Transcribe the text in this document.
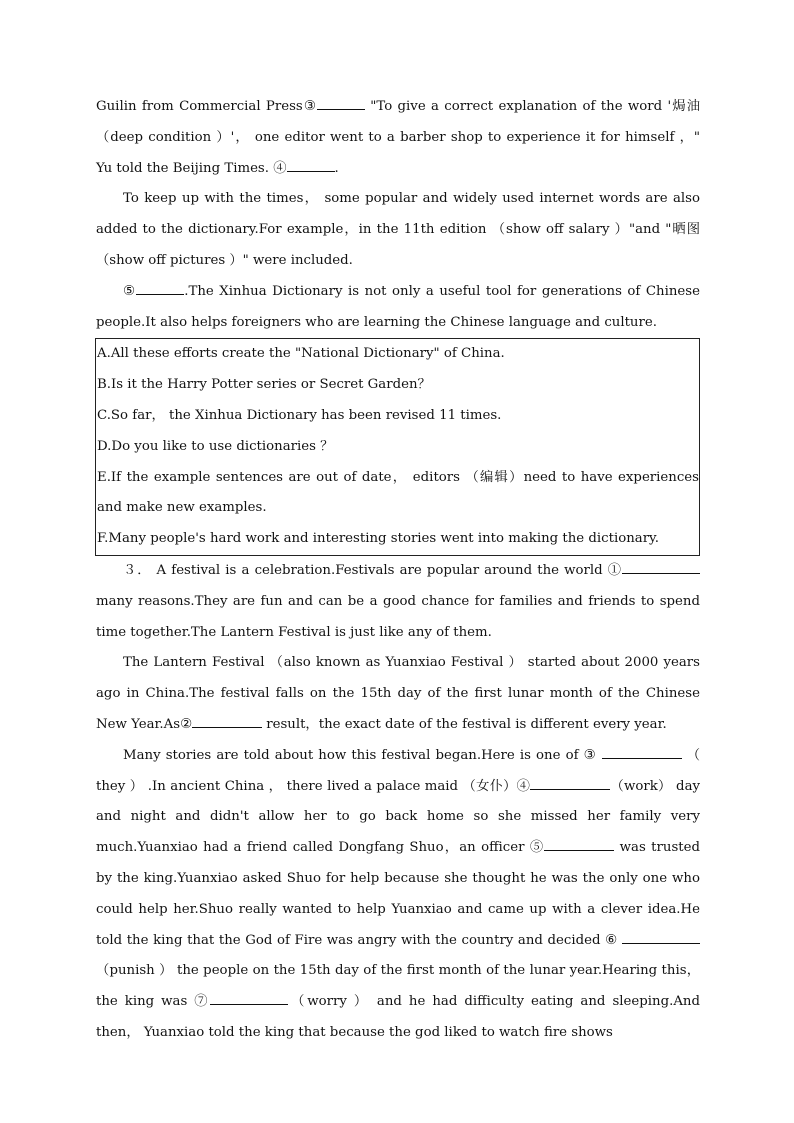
Guilin from Commercial Press③	"To give a correct explanation of the word '焗油（deep condition ）'， one editor went to a barber shop to experience it for himself ，" Yu told the Beijing Times. ④	.

To keep up with the times， some popular and widely used internet words are also added to the dictionary.For example，in the 11th edition （show off salary ）"and "晒图（show off pictures ）" were included.

⑤	.The Xinhua Dictionary is not only a useful tool for generations of Chinese people.It also helps foreigners who are learning the Chinese language and culture.

A.All these efforts create the "National Dictionary" of China.

B.Is it the Harry Potter series or Secret Garden？

C.So far， the Xinhua Dictionary has been revised 11 times.

D.Do you like to use dictionaries ？

E.If the example sentences are out of date， editors （编辑）need to have experiences and make new examples.

F.Many people's hard work and interesting stories went into making the dictionary.

３． A festival is a celebration.Festivals are popular around the world ① many reasons.They are fun and can be a good chance for families and friends to spend time together.The Lantern Festival is just like any of them.

The Lantern Festival （also known as Yuanxiao Festival ） started about 2000 years ago in China.The festival falls on the 15th day of the first lunar month of the Chinese New Year.As②	result，the exact date of the festival is different every year.

Many stories are told about how this festival began.Here is one of ③	（ they ） .In ancient China ， there lived a palace maid （女仆）④	（work） day and night and didn't allow her to go back home so she missed her family very much.Yuanxiao had a friend called Dongfang Shuo，an officer ⑤	was trusted by the king.Yuanxiao asked Shuo for help because she thought he was the only one who could help her.Shuo really wanted to help Yuanxiao and came up with a clever idea.He told the king that the God of Fire was angry with the country and decided ⑥  （punish ） the people on the 15th day of the first month of the lunar year.Hearing this，the king was ⑦	（worry ） and he had difficulty eating and sleeping.And then， Yuanxiao told the king that because the god liked to watch fire shows
